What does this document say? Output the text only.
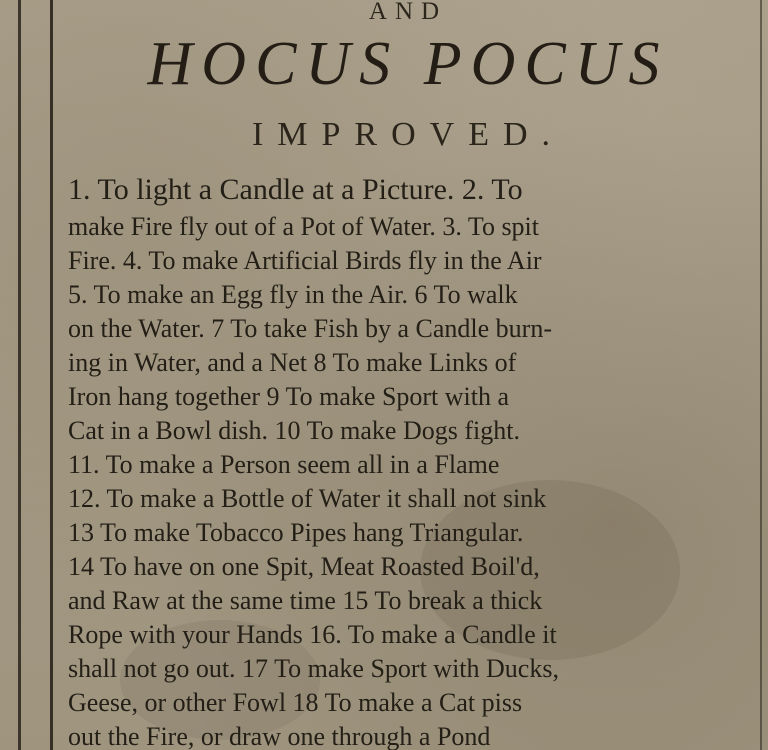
AND
HOCUS POCUS
IMPROVED.
1. To light a Candle at a Picture. 2. To
make Fire fly out of a Pot of Water. 3. To spit
Fire. 4. To make Artificial Birds fly in the Air
5. To make an Egg fly in the Air. 6 To walk
on the Water. 7 To take Fish by a Candle burn-
ing in Water, and a Net 8 To make Links of
Iron hang together 9 To make Sport with a
Cat in a Bowl dish. 10 To make Dogs fight.
11. To make a Person seem all in a Flame
12. To make a Bottle of Water it shall not sink
13 To make Tobacco Pipes hang Triangular.
14 To have on one Spit, Meat Roasted Boil'd,
and Raw at the same time 15 To break a thick
Rope with your Hands 16. To make a Candle it
shall not go out. 17 To make Sport with Ducks,
Geese, or other Fowl 18 To make a Cat piss
out the Fire, or draw one through a Pond
